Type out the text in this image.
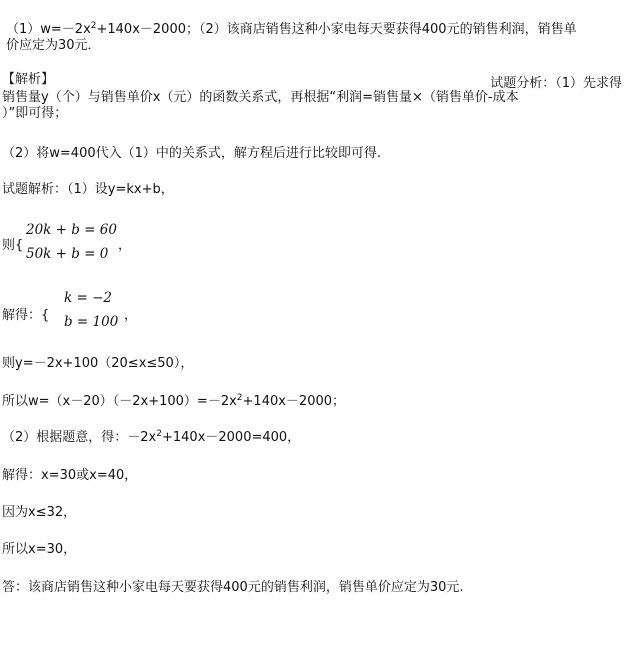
$(1)w=-2x^2+140x-2000$；（2）该商店销售这种小家电每天要获得400元的销售利润，销售单
价应定为30元．
【解析】	试题分析：（1）先求得
销售量y（个）与销售单价x（元）的函数关系式，再根据“利润=销售量×（销售单价-成本
）”即可得；
（2）将w=400代入（1）中的关系式，解方程后进行比较即可得.
试题解析：（1）设y=kx+b，
则{
20k + b = 60
50k + b = 0
，
解得：{
k = −2
b = 100 ，
则y=－2x+100（20≤x≤50），
所以$w=(x-20)(-2x+100)=-2x^2+140x-2000$；
（2）根据题意，得：$-2x^2+140x-2000=400$，
解得：x=30或x=40，
因为x≤32，
所以x=30，
答：该商店销售这种小家电每天要获得400元的销售利润，销售单价应定为30元.
